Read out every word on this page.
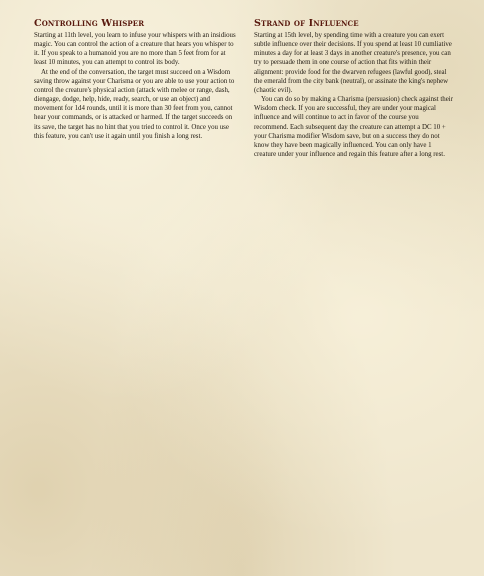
Controlling Whisper

Starting at 11th level, you learn to infuse your whispers with an insidious magic. You can control the action of a creature that hears you whisper to it. If you speak to a humanoid you are no more than 5 feet from for at least 10 minutes, you can attempt to control its body.

At the end of the conversation, the target must succeed on a Wisdom saving throw against your Charisma or you are able to use your action to control the creature's physical action (attack with melee or range, dash, diengage, dodge, help, hide, ready, search, or use an object) and movement for 1d4 rounds, until it is more than 30 feet from you, cannot hear your commands, or is attacked or harmed. If the target succeeds on its save, the target has no hint that you tried to control it. Once you use this feature, you can't use it again until you finish a long rest.

Strand of Influence

Starting at 15th level, by spending time with a creature you can exert subtle influence over their decisions. If you spend at least 10 cumliative minutes a day for at least 3 days in another creature's presence, you can try to persuade them in one course of action that fits within their alignment: provide food for the dwarven refugees (lawful good), steal the emerald from the city bank (neutral), or assinate the king's nephew (chaotic evil).

You can do so by making a Charisma (persuasion) check against their Wisdom check. If you are successful, they are under your magical influence and will continue to act in favor of the course you recommend. Each subsequent day the creature can attempt a DC 10 + your Charisma modifier Wisdom save, but on a success they do not know they have been magically influenced. You can only have 1 creature under your influence and regain this feature after a long rest.
